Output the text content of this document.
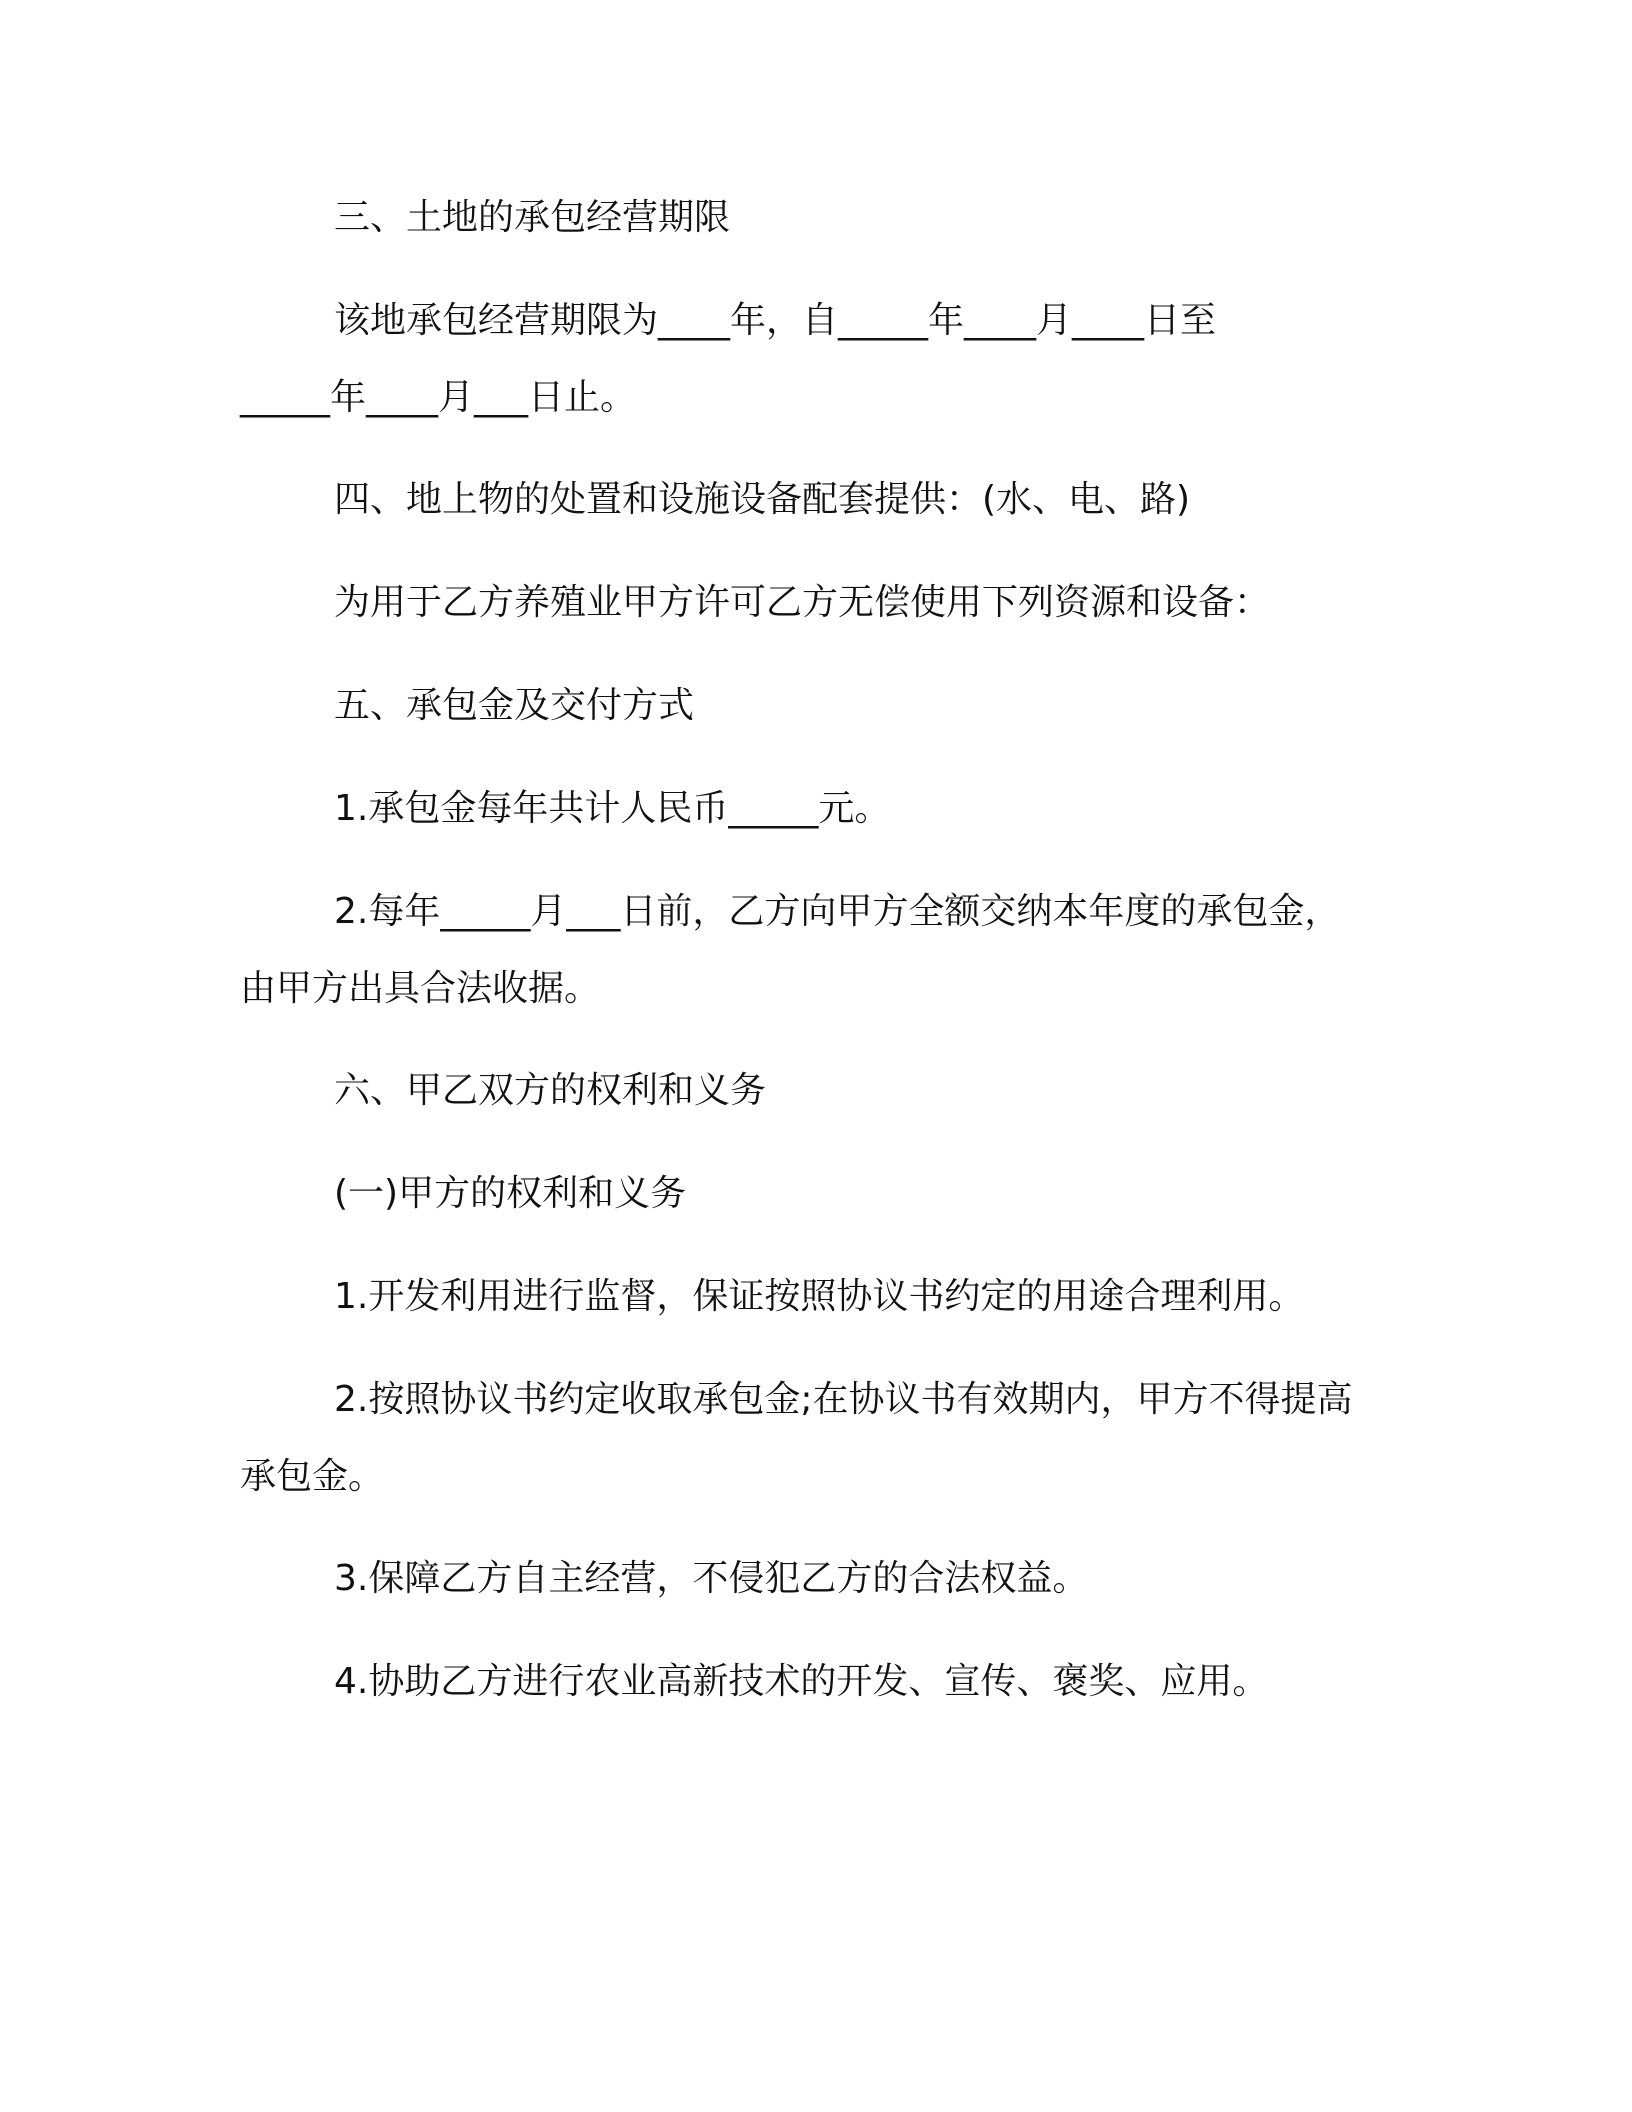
三、土地的承包经营期限
该地承包经营期限为____年，自_____年____月____日至
_____年____月___日止。
四、地上物的处置和设施设备配套提供：(水、电、路)
为用于乙方养殖业甲方许可乙方无偿使用下列资源和设备：
五、承包金及交付方式
1.承包金每年共计人民币_____元。
2.每年_____月___日前，乙方向甲方全额交纳本年度的承包金，
由甲方出具合法收据。
六、甲乙双方的权利和义务
(一)甲方的权利和义务
1.开发利用进行监督，保证按照协议书约定的用途合理利用。
2.按照协议书约定收取承包金;在协议书有效期内，甲方不得提高
承包金。
3.保障乙方自主经营，不侵犯乙方的合法权益。
4.协助乙方进行农业高新技术的开发、宣传、褒奖、应用。
